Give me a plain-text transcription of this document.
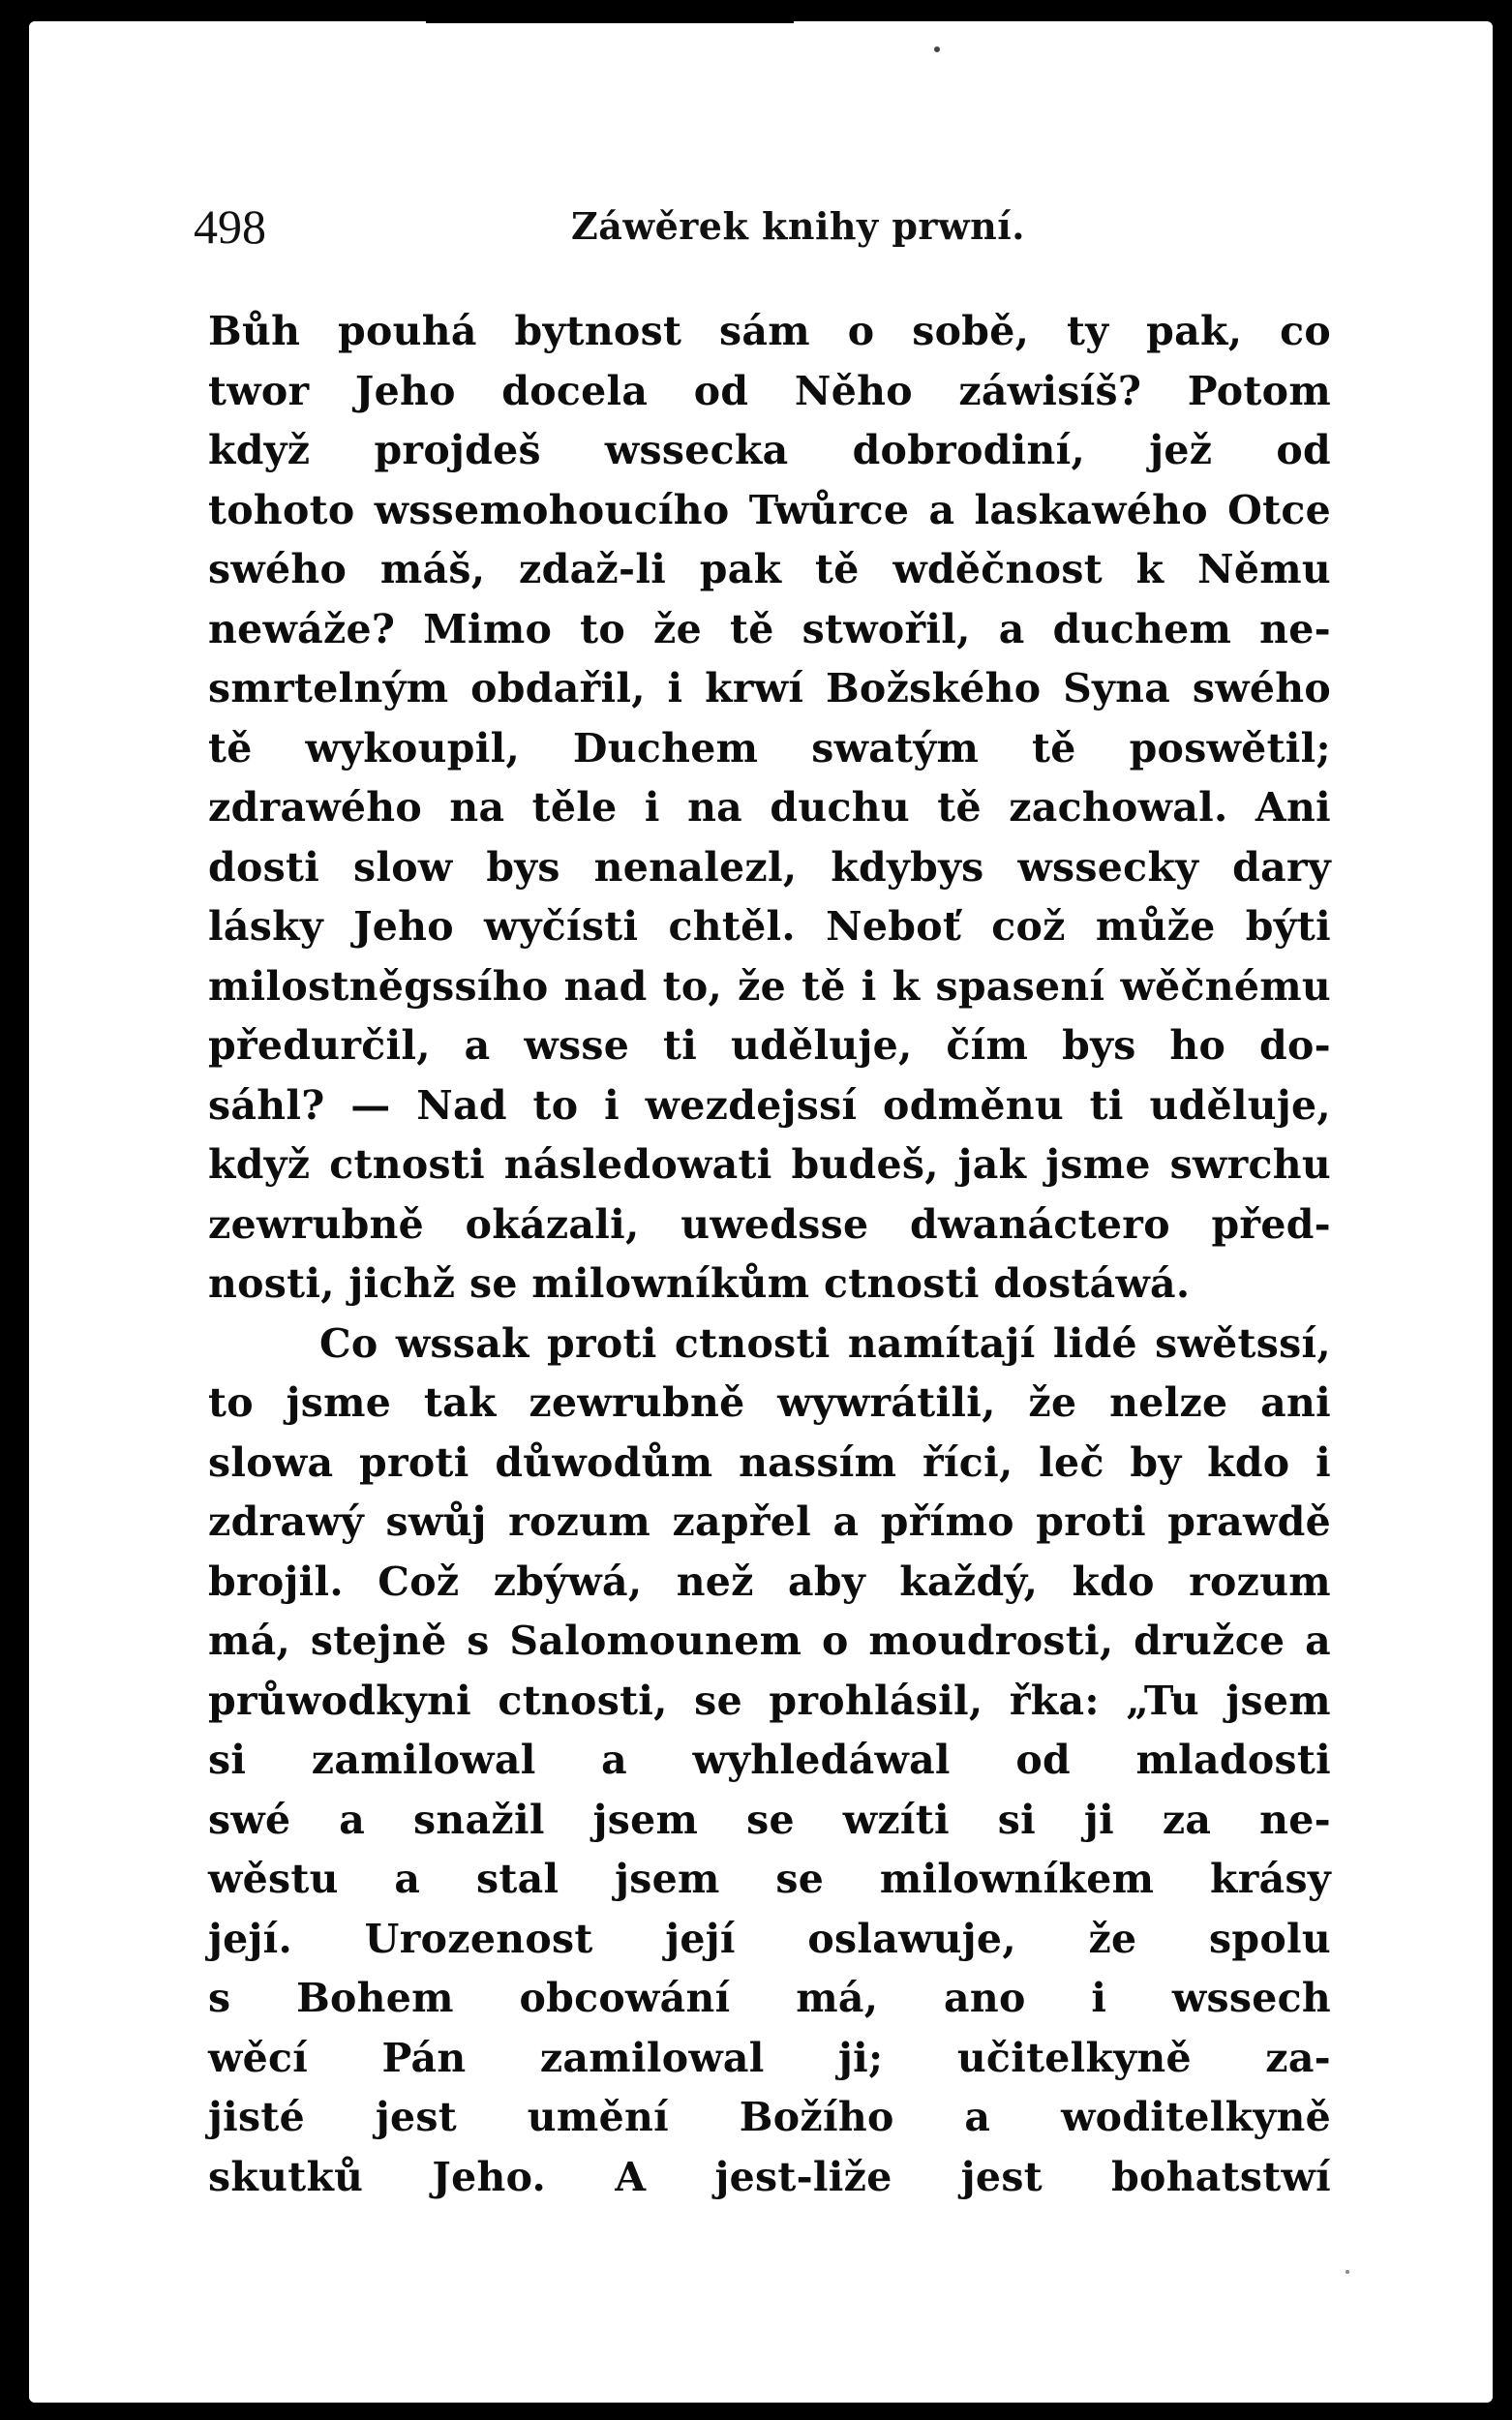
498	Záwěrek knihy prwní.
Bůh pouhá bytnost sám o sobě, ty pak, co
twor Jeho docela od Něho záwisíš? Potom
když projdeš wssecka dobrodiní, jež od
tohoto wssemohoucího Twůrce a laskawého Otce
swého máš, zdaž-li pak tě wděčnost k Němu
newáže? Mimo to že tě stwořil, a duchem ne-
smrtelným obdařil, i krwí Božského Syna swého
tě wykoupil, Duchem swatým tě poswětil;
zdrawého na těle i na duchu tě zachowal. Ani
dosti slow bys nenalezl, kdybys wssecky dary
lásky Jeho wyčísti chtěl. Neboť což může býti
milostněgssího nad to, že tě i k spasení wěčnému
předurčil, a wsse ti uděluje, čím bys ho do-
sáhl? — Nad to i wezdejssí odměnu ti uděluje,
když ctnosti následowati budeš, jak jsme swrchu
zewrubně okázali, uwedsse dwanáctero před-
nosti, jichž se milowníkům ctnosti dostáwá.
Co wssak proti ctnosti namítají lidé swětssí,
to jsme tak zewrubně wywrátili, že nelze ani
slowa proti důwodům nassím říci, leč by kdo i
zdrawý swůj rozum zapřel a přímo proti prawdě
brojil. Což zbýwá, než aby každý, kdo rozum
má, stejně s Salomounem o moudrosti, družce a
průwodkyni ctnosti, se prohlásil, řka: „Tu jsem
si zamilowal a wyhledáwal od mladosti
swé a snažil jsem se wzíti si ji za ne-
wěstu a stal jsem se milowníkem krásy
její. Urozenost její oslawuje, že spolu
s Bohem obcowání má, ano i wssech
wěcí Pán zamilowal ji; učitelkyně za-
jisté jest umění Božího a woditelkyně
skutků Jeho. A jest-liže jest bohatstwí
